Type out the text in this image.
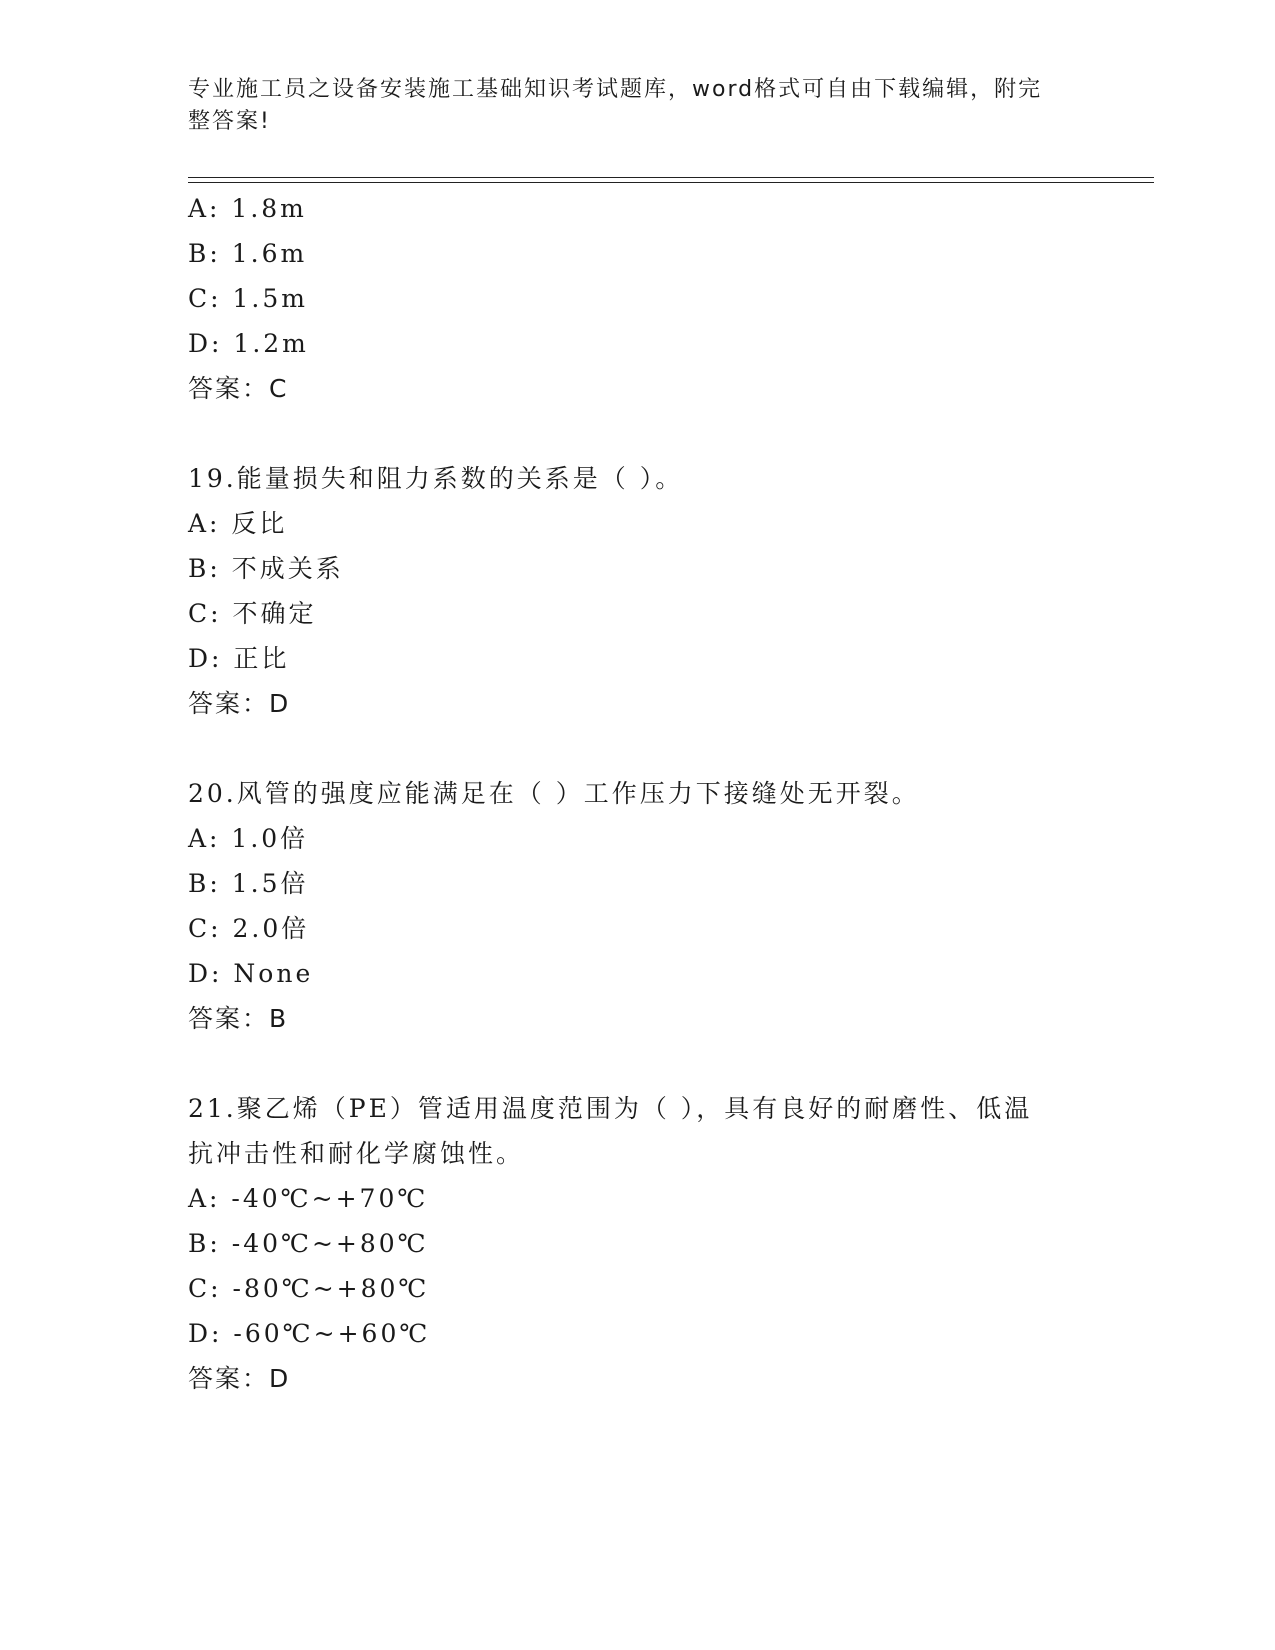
专业施工员之设备安装施工基础知识考试题库，word格式可自由下载编辑，附完
整答案!
A: 1.8m
B: 1.6m
C: 1.5m
D: 1.2m
答案：C
19.能量损失和阻力系数的关系是（ ）。
A: 反比
B: 不成关系
C: 不确定
D: 正比
答案：D
20.风管的强度应能满足在（ ）工作压力下接缝处无开裂。
A: 1.0倍
B: 1.5倍
C: 2.0倍
D: None
答案：B
21.聚乙烯（PE）管适用温度范围为（ ），具有良好的耐磨性、低温
抗冲击性和耐化学腐蚀性。
A: -40℃~+70℃
B: -40℃~+80℃
C: -80℃~+80℃
D: -60℃~+60℃
答案：D
